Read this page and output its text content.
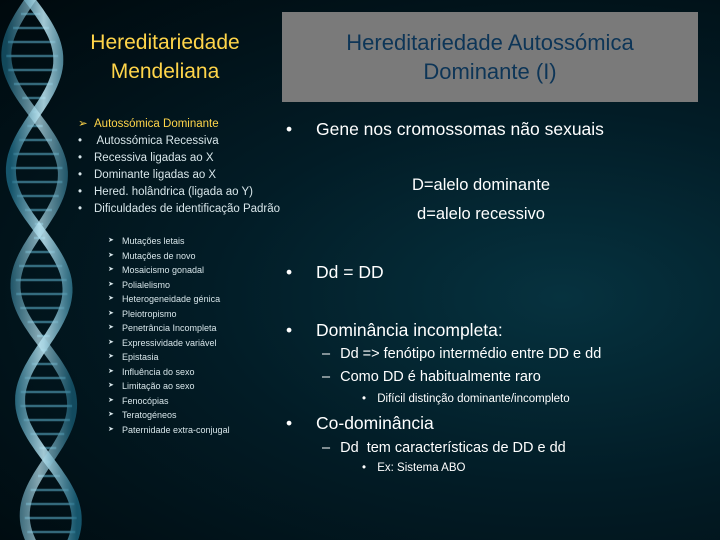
Hereditariedade
Mendeliana
Hereditariedade Autossómica
Dominante (I)
➢ Autossómica Dominante
• Autossómica Recessiva
• Recessiva ligadas ao X
• Dominante ligadas ao X
• Hered. holândrica (ligada ao Y)
• Dificuldades de identificação Padrão
➤ Mutações letais
➤ Mutações de novo
➤ Mosaicismo gonadal
➤ Polialelismo
➤ Heterogeneidade génica
➤ Pleiotropismo
➤ Penetrância Incompleta
➤ Expressividade variável
➤ Epistasia
➤ Influência do sexo
➤ Limitação ao sexo
➤ Fenocópias
➤ Teratogéneos
➤ Paternidade extra-conjugal
• Gene nos cromossomas não sexuais
D=alelo dominante
d=alelo recessivo
• Dd = DD
• Dominância incompleta:
– Dd => fenótipo intermédio entre DD e dd
– Como DD é habitualmente raro
• Difícil distinção dominante/incompleto
• Co-dominância
– Dd  tem características de DD e dd
• Ex: Sistema ABO
